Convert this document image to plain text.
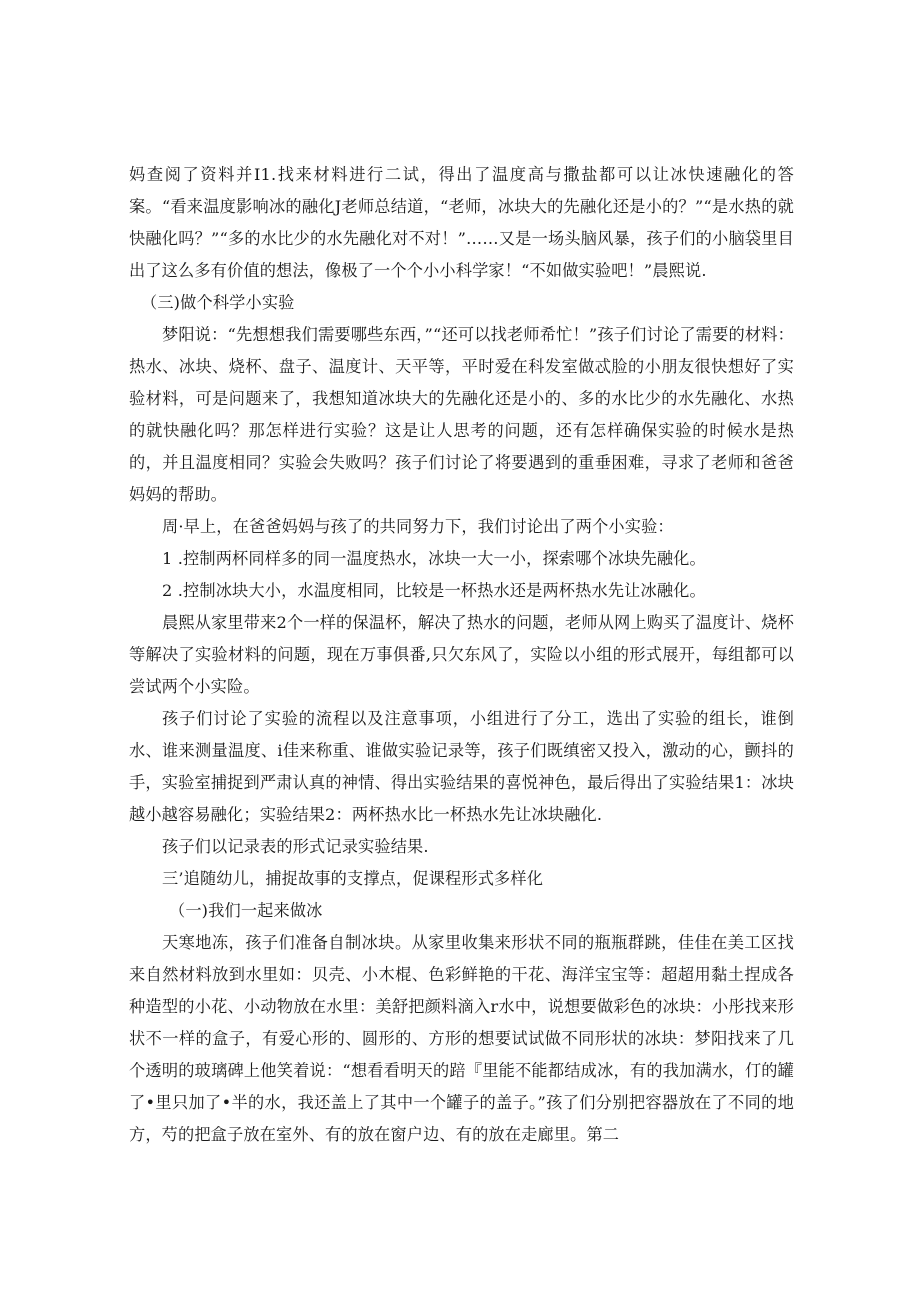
妈查阅了资料并I1.找来材料进行二试，得出了温度高与撒盐都可以让冰快速融化的答案。“看来温度影响冰的融化J老师总结道，“老师，冰块大的先融化还是小的？”“是水热的就快融化吗？”“多的水比少的水先融化对不对！”……又是一场头脑风暴，孩子们的小脑袋里目出了这么多有价值的想法，像极了一个个小小科学家！“不如做实验吧！”晨熙说.

（三)做个科学小实验

梦阳说：“先想想我们需要哪些东西，”“还可以找老师希忙！”孩子们讨论了需要的材料：热水、冰块、烧杯、盘子、温度计、天平等，平时爱在科发室做忒脸的小朋友很快想好了实验材料，可是问题来了，我想知道冰块大的先融化还是小的、多的水比少的水先融化、水热的就快融化吗？那怎样进行实验？这是让人思考的问题，还有怎样确保实验的时候水是热的，并且温度相同？实验会失败吗？孩子们讨论了将要遇到的重垂困难，寻求了老师和爸爸妈妈的帮助。

周·早上，在爸爸妈妈与孩了的共同努力下，我们讨论出了两个小实验：

1 .控制两杯同样多的同一温度热水，冰块一大一小，探索哪个冰块先融化。

2 .控制冰块大小，水温度相同，比较是一杯热水还是两杯热水先让冰融化。

晨熙从家里带来2个一样的保温杯，解决了热水的问题，老师从网上购买了温度计、烧杯等解决了实验材料的问题，现在万事俱番,只欠东风了，实险以小组的形式展开，每组都可以尝试两个小实险。

孩子们讨论了实验的流程以及注意事项，小组进行了分工，选出了实验的组长，谁倒水、谁来测量温度、i佳来称重、谁做实验记录等，孩子们既缜密又投入，激动的心，颤抖的手，实验室捕捉到严肃认真的神情、得出实验结果的喜悦神色，最后得出了实验结果1：冰块越小越容易融化；实验结果2：两杯热水比一杯热水先让冰块融化.

孩子们以记录表的形式记录实验结果.

三’追随幼儿，捕捉故事的支撑点，促课程形式多样化

（一)我们一起来做冰

天寒地冻，孩子们准备自制冰块。从家里收集来形状不同的瓶瓶群跳，佳佳在美工区找来自然材料放到水里如：贝壳、小木棍、色彩鲜艳的干花、海洋宝宝等：超超用黏土捏成各种造型的小花、小动物放在水里：美舒把颜料滴入r水中，说想要做彩色的冰块：小彤找来形状不一样的盒子，有爱心形的、圆形的、方形的想要试试做不同形状的冰块：梦阳找来了几个透明的玻璃碑上他笑着说：“想看看明天的踣『里能不能都结成冰，有的我加满水，仃的罐了•里只加了•半的水，我还盖上了其中一个罐子的盖子。”孩了们分别把容器放在了不同的地方，芍的把盒子放在室外、有的放在窗户边、有的放在走廊里。第二
